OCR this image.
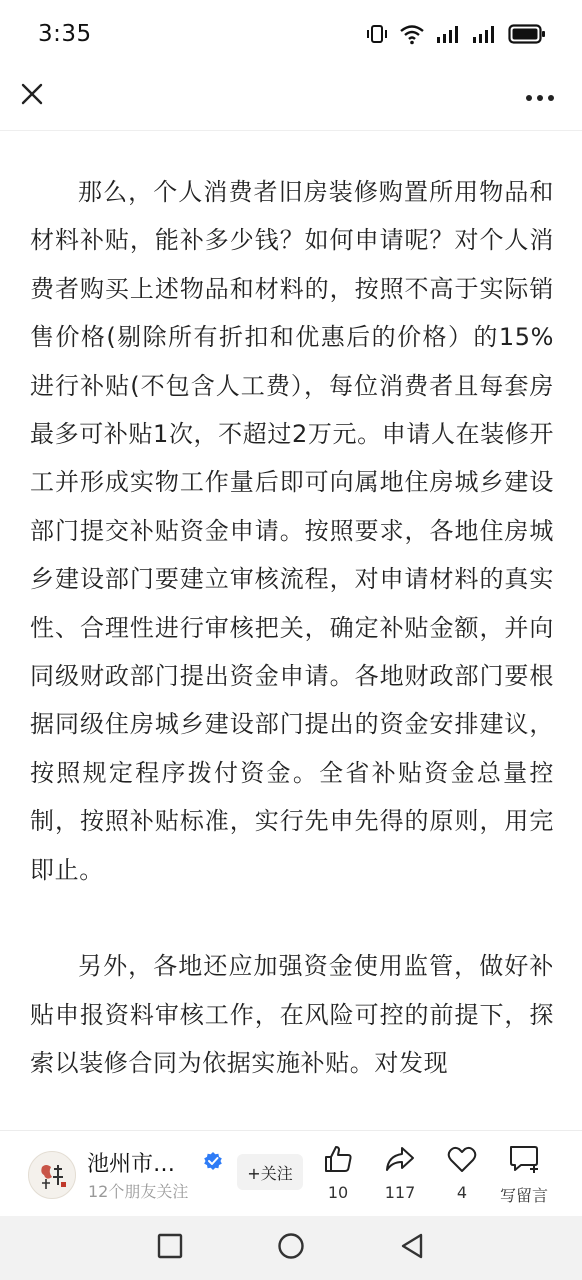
3:35

那么，个人消费者旧房装修购置所用物品和材料补贴，能补多少钱？如何申请呢？对个人消费者购买上述物品和材料的，按照不高于实际销售价格(剔除所有折扣和优惠后的价格）的15%进行补贴(不包含人工费），每位消费者且每套房最多可补贴1次，不超过2万元。申请人在装修开工并形成实物工作量后即可向属地住房城乡建设部门提交补贴资金申请。按照要求，各地住房城乡建设部门要建立审核流程，对申请材料的真实性、合理性进行审核把关，确定补贴金额，并向同级财政部门提出资金申请。各地财政部门要根据同级住房城乡建设部门提出的资金安排建议，按照规定程序拨付资金。全省补贴资金总量控制，按照补贴标准，实行先申先得的原则，用完即止。

另外，各地还应加强资金使用监管，做好补贴申报资料审核工作，在风险可控的前提下，探索以装修合同为依据实施补贴。对发现

池州市…
12个朋友关注
+关注
10 117	4 写留言
